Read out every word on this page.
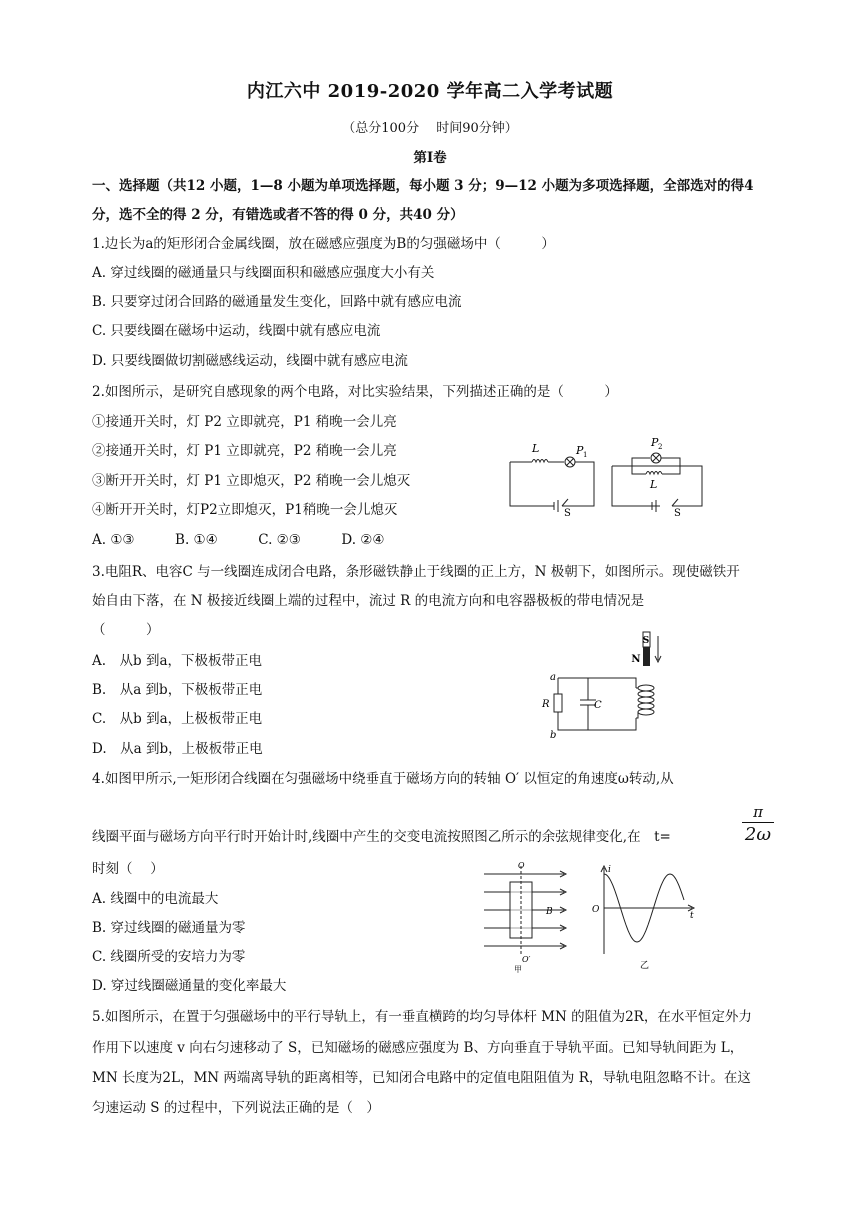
内江六中 2019-2020 学年高二入学考试题
（总分100分　 时间90分钟）
第Ⅰ卷
一、选择题（共12 小题，1—8 小题为单项选择题，每小题 3 分；9—12 小题为多项选择题，全部选对的得4
分，选不全的得 2 分，有错选或者不答的得 0 分，共40 分）
1.边长为a的矩形闭合金属线圈，放在磁感应强度为B的匀强磁场中（　　　）
A. 穿过线圈的磁通量只与线圈面积和磁感应强度大小有关
B. 只要穿过闭合回路的磁通量发生变化，回路中就有感应电流
C. 只要线圈在磁场中运动，线圈中就有感应电流
D. 只要线圈做切割磁感线运动，线圈中就有感应电流
2.如图所示，是研究自感现象的两个电路，对比实验结果，下列描述正确的是（　　　）
①接通开关时，灯 P2 立即就亮，P1 稍晚一会儿亮
②接通开关时，灯 P1 立即就亮，P2 稍晚一会儿亮
③断开开关时，灯 P1 立即熄灭，P2 稍晚一会儿熄灭
④断开开关时，灯P2立即熄灭，P1稍晚一会儿熄灭
A. ①③　　　B. ①④　　　C. ②③　　　D. ②④
L	P 1
S
P 2
L
S
3.电阻R、电容C 与一线圈连成闭合电路，条形磁铁静止于线圈的正上方，N 极朝下，如图所示。现使磁铁开
始自由下落，在 N 极接近线圈上端的过程中，流过 R 的电流方向和电容器极板的带电情况是
（　　　）
A.　从b 到a，下极板带正电
B.　从a 到b，下极板带正电
C.　从b 到a，上极板带正电
D.　从a 到b，上极板带正电
S
N
a
R	C
b
4.如图甲所示,一矩形闭合线圈在匀强磁场中绕垂直于磁场方向的转轴 O′ 以恒定的角速度ω转动,从
线圈平面与磁场方向平行时开始计时,线圈中产生的交变电流按照图乙所示的余弦规律变化,在　t=
π
2ω
时刻（　 ）
A. 线圈中的电流最大
B. 穿过线圈的磁通量为零
C. 线圈所受的安培力为零
D. 穿过线圈磁通量的变化率最大
O
O′
B
甲
i
O
t
乙
5.如图所示，在置于匀强磁场中的平行导轨上，有一垂直横跨的均匀导体杆 MN 的阻值为2R，在水平恒定外力
作用下以速度 v 向右匀速移动了 S，已知磁场的磁感应强度为 B、方向垂直于导轨平面。已知导轨间距为 L，
MN 长度为2L，MN 两端离导轨的距离相等，已知闭合电路中的定值电阻阻值为 R，导轨电阻忽略不计。在这
匀速运动 S 的过程中，下列说法正确的是（　）
